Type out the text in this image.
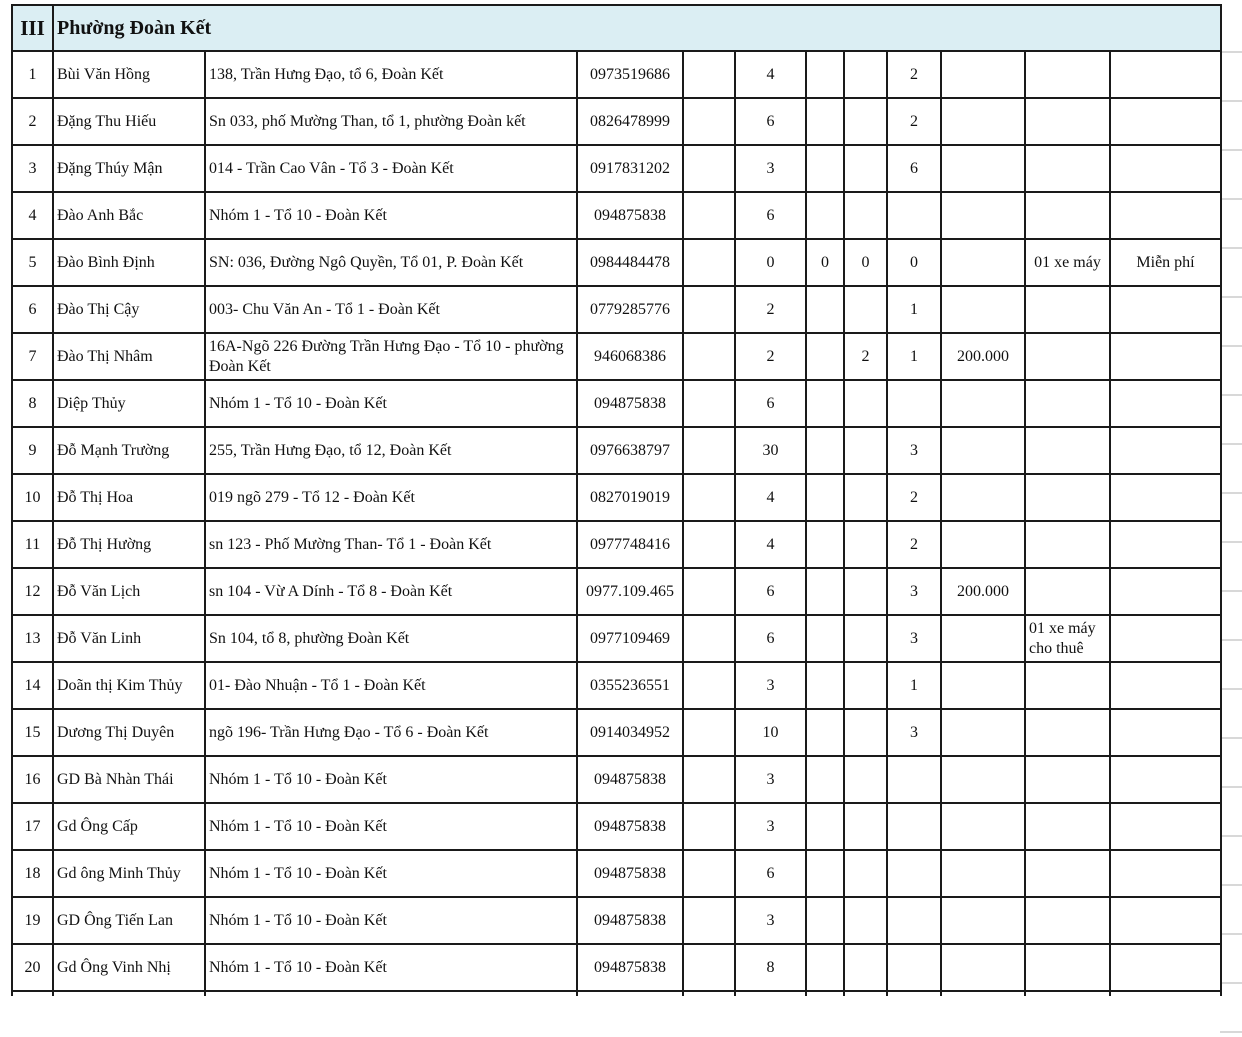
III	Phường Đoàn Kết										
1	Bùi Văn Hồng	138, Trần Hưng Đạo, tổ 6, Đoàn Kết	0973519686		4			2			
2	Đặng Thu Hiếu	Sn 033, phố Mường Than, tổ 1, phường Đoàn kết	0826478999		6			2			
3	Đặng Thúy Mận	014 - Trần Cao Vân - Tổ 3 - Đoàn Kết	0917831202		3			6			
4	Đào Anh Bắc	Nhóm 1 - Tổ 10 - Đoàn Kết	094875838		6						
5	Đào Bình Định	SN: 036, Đường Ngô Quyền, Tổ 01, P. Đoàn Kết	0984484478		0	0	0	0		01 xe máy	Miễn phí
6	Đào Thị Cậy	003- Chu Văn An - Tổ 1 - Đoàn Kết	0779285776		2			1			
7	Đào Thị Nhâm	16A-Ngõ 226 Đường Trần Hưng Đạo - Tổ 10 - phường Đoàn Kết	946068386		2		2	1	200.000		
8	Diệp Thủy	Nhóm 1 - Tổ 10 - Đoàn Kết	094875838		6						
9	Đỗ Mạnh Trường	255, Trần Hưng Đạo, tổ 12, Đoàn Kết	0976638797		30			3			
10	Đỗ Thị Hoa	019 ngõ 279 - Tổ 12 - Đoàn Kết	0827019019		4			2			
11	Đỗ Thị Hường	sn 123 - Phố Mường Than- Tổ 1 - Đoàn Kết	0977748416		4			2			
12	Đỗ Văn Lịch	sn 104 - Vừ A Dính - Tổ 8 - Đoàn Kết	0977.109.465		6			3	200.000		
13	Đỗ Văn Linh	Sn 104, tổ 8, phường Đoàn Kết	0977109469		6			3		01 xe máy cho thuê	
14	Doãn thị Kim Thủy	01- Đào Nhuận - Tổ 1 - Đoàn Kết	0355236551		3			1			
15	Dương Thị Duyên	ngõ 196- Trần Hưng Đạo - Tổ 6 - Đoàn Kết	0914034952		10			3			
16	GD Bà Nhàn Thái	Nhóm 1 - Tổ 10 - Đoàn Kết	094875838		3						
17	Gd Ông Cấp	Nhóm 1 - Tổ 10 - Đoàn Kết	094875838		3						
18	Gd ông Minh Thủy	Nhóm 1 - Tổ 10 - Đoàn Kết	094875838		6						
19	GD Ông Tiến Lan	Nhóm 1 - Tổ 10 - Đoàn Kết	094875838		3						
20	Gd Ông Vinh Nhị	Nhóm 1 - Tổ 10 - Đoàn Kết	094875838		8						
